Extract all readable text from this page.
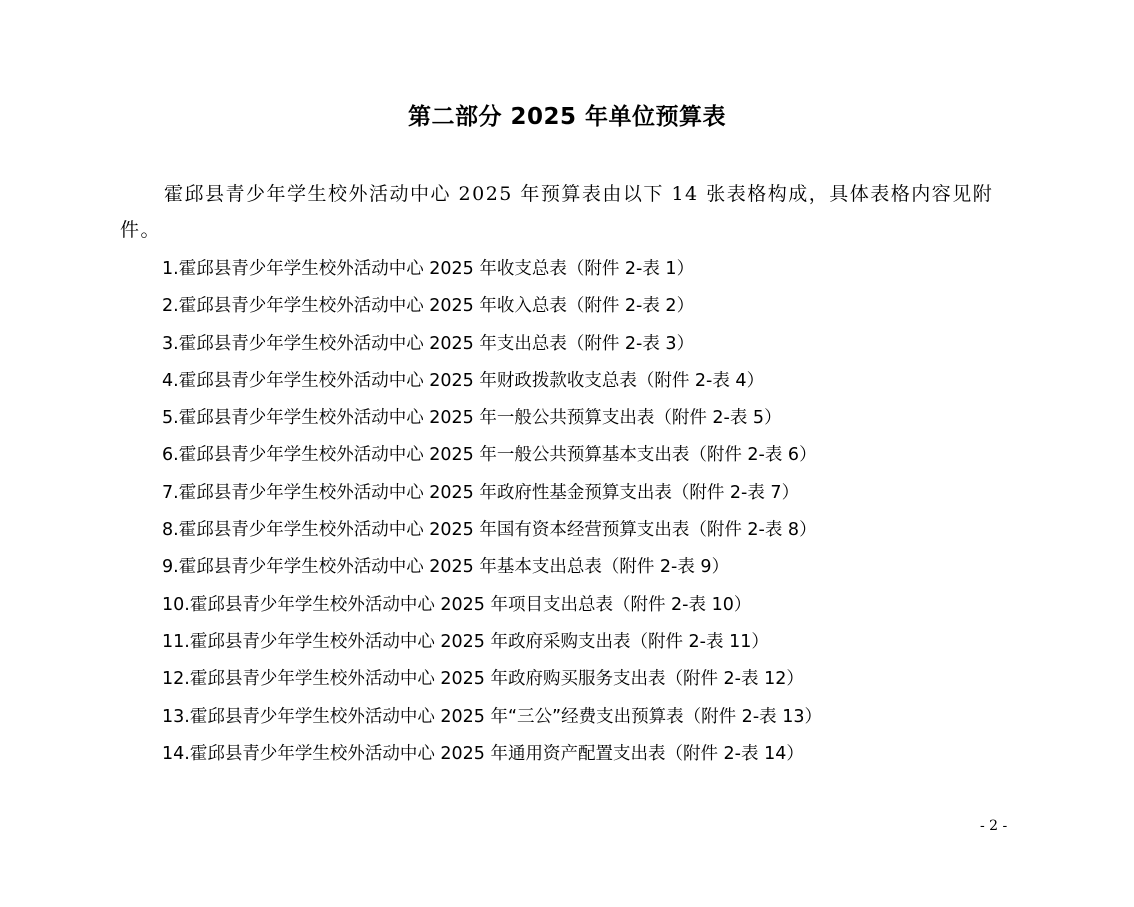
第二部分 2025 年单位预算表

霍邱县青少年学生校外活动中心 2025 年预算表由以下 14 张表格构成，具体表格内容见附件。

1.霍邱县青少年学生校外活动中心 2025 年收支总表（附件 2-表 1）
2.霍邱县青少年学生校外活动中心 2025 年收入总表（附件 2-表 2）
3.霍邱县青少年学生校外活动中心 2025 年支出总表（附件 2-表 3）
4.霍邱县青少年学生校外活动中心 2025 年财政拨款收支总表（附件 2-表 4）
5.霍邱县青少年学生校外活动中心 2025 年一般公共预算支出表（附件 2-表 5）
6.霍邱县青少年学生校外活动中心 2025 年一般公共预算基本支出表（附件 2-表 6）
7.霍邱县青少年学生校外活动中心 2025 年政府性基金预算支出表（附件 2-表 7）
8.霍邱县青少年学生校外活动中心 2025 年国有资本经营预算支出表（附件 2-表 8）
9.霍邱县青少年学生校外活动中心 2025 年基本支出总表（附件 2-表 9）
10.霍邱县青少年学生校外活动中心 2025 年项目支出总表（附件 2-表 10）
11.霍邱县青少年学生校外活动中心 2025 年政府采购支出表（附件 2-表 11）
12.霍邱县青少年学生校外活动中心 2025 年政府购买服务支出表（附件 2-表 12）
13.霍邱县青少年学生校外活动中心 2025 年“三公”经费支出预算表（附件 2-表 13）
14.霍邱县青少年学生校外活动中心 2025 年通用资产配置支出表（附件 2-表 14）
- 2 -
